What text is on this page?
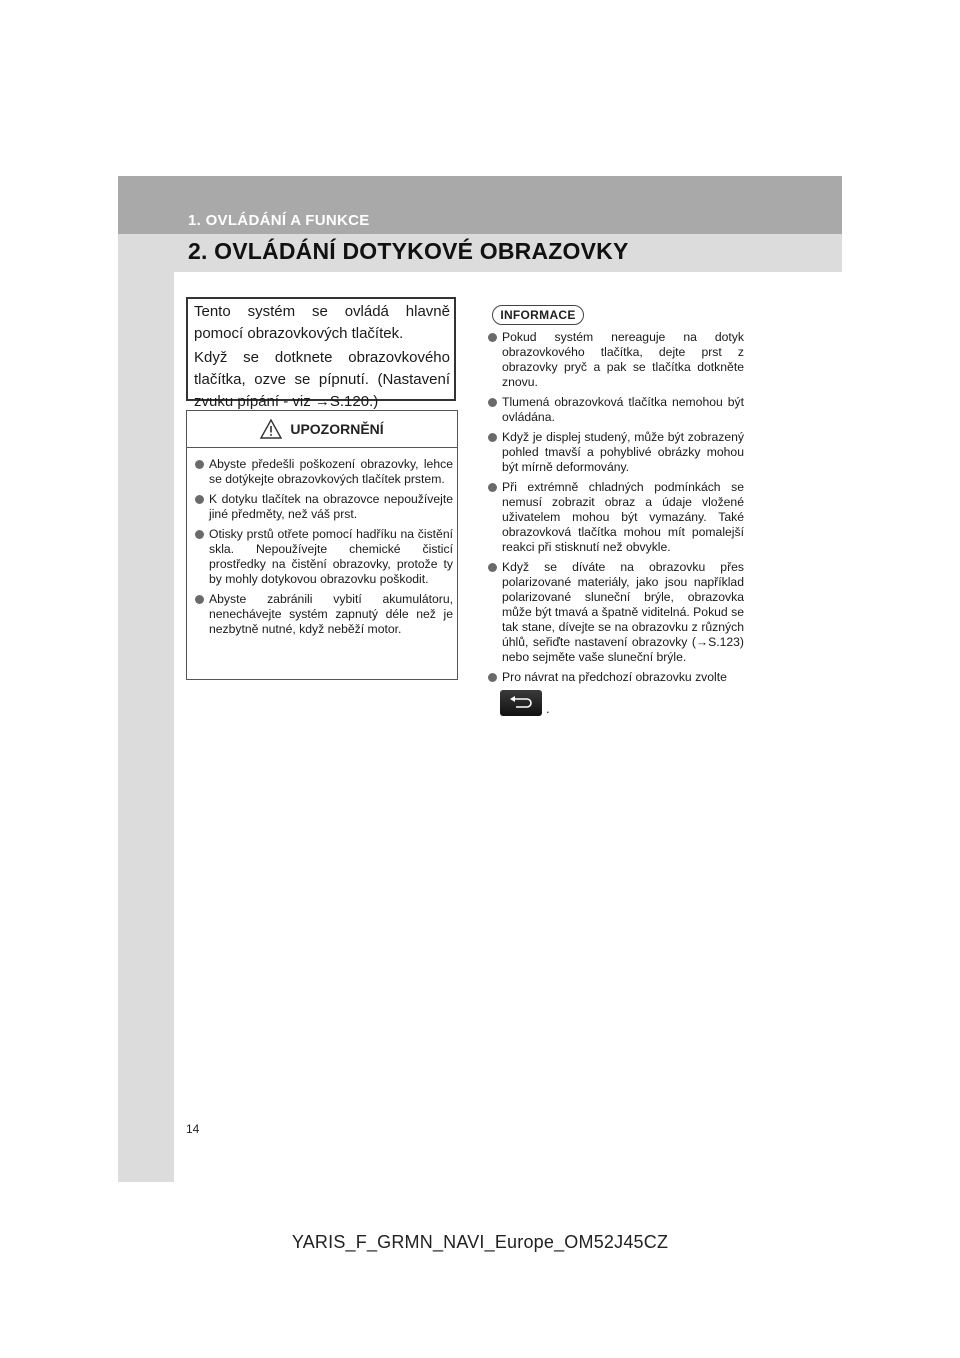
1. OVLÁDÁNÍ A FUNKCE
2. OVLÁDÁNÍ DOTYKOVÉ OBRAZOVKY

Tento systém se ovládá hlavně pomocí obrazovkových tlačítek.

Když se dotknete obrazovkového tlačítka, ozve se pípnutí. (Nastavení zvuku pípání - viz →S.120.)

UPOZORNĚNÍ
Abyste předešli poškození obrazovky, lehce se dotýkejte obrazovkových tlačítek prstem.
K dotyku tlačítek na obrazovce nepoužívejte jiné předměty, než váš prst.
Otisky prstů otřete pomocí hadříku na čistění skla. Nepoužívejte chemické čisticí prostředky na čistění obrazovky, protože ty by mohly dotykovou obrazovku poškodit.
Abyste zabránili vybití akumulátoru, nenechávejte systém zapnutý déle než je nezbytně nutné, když neběží motor.
INFORMACE
Pokud systém nereaguje na dotyk obrazovkového tlačítka, dejte prst z obrazovky pryč a pak se tlačítka dotkněte znovu.
Tlumená obrazovková tlačítka nemohou být ovládána.
Když je displej studený, může být zobrazený pohled tmavší a pohyblivé obrázky mohou být mírně deformovány.
Při extrémně chladných podmínkách se nemusí zobrazit obraz a údaje vložené uživatelem mohou být vymazány. Také obrazovková tlačítka mohou mít pomalejší reakci při stisknutí než obvykle.
Když se díváte na obrazovku přes polarizované materiály, jako jsou například polarizované sluneční brýle, obrazovka může být tmavá a špatně viditelná. Pokud se tak stane, dívejte se na obrazovku z různých úhlů, seřiďte nastavení obrazovky (→S.123) nebo sejměte vaše sluneční brýle.
Pro návrat na předchozí obrazovku zvolte
.
14
YARIS_F_GRMN_NAVI_Europe_OM52J45CZ
